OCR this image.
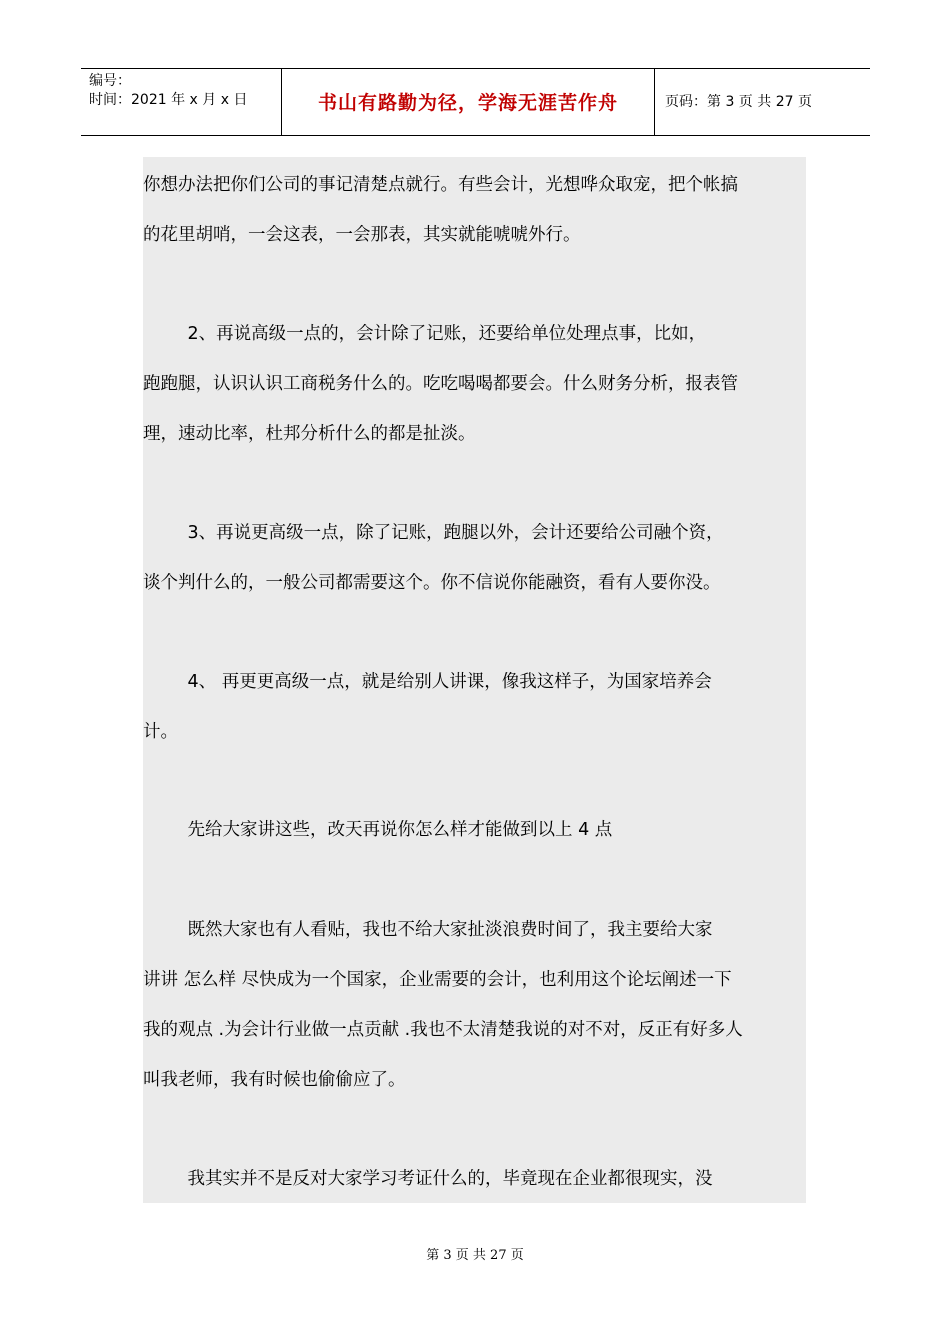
编号：
时间：2021 年 x 月 x 日	书山有路勤为径，学海无涯苦作舟	页码：第 3 页 共 27 页
你想办法把你们公司的事记清楚点就行。有些会计，光想哗众取宠，把个帐搞
的花里胡哨，一会这表，一会那表，其实就能唬唬外行。
2、再说高级一点的，会计除了记账，还要给单位处理点事，比如，
跑跑腿，认识认识工商税务什么的。吃吃喝喝都要会。什么财务分析，报表管
理，速动比率，杜邦分析什么的都是扯淡。
3、再说更高级一点，除了记账，跑腿以外，会计还要给公司融个资，
谈个判什么的，一般公司都需要这个。你不信说你能融资，看有人要你没。
4、 再更更高级一点，就是给别人讲课，像我这样子，为国家培养会
计。
先给大家讲这些，改天再说你怎么样才能做到以上 4 点
既然大家也有人看贴，我也不给大家扯淡浪费时间了，我主要给大家
讲讲 怎么样 尽快成为一个国家，企业需要的会计，也利用这个论坛阐述一下
我的观点 .为会计行业做一点贡献 .我也不太清楚我说的对不对，反正有好多人
叫我老师，我有时候也偷偷应了。
我其实并不是反对大家学习考证什么的，毕竟现在企业都很现实，没
第 3 页 共 27 页
